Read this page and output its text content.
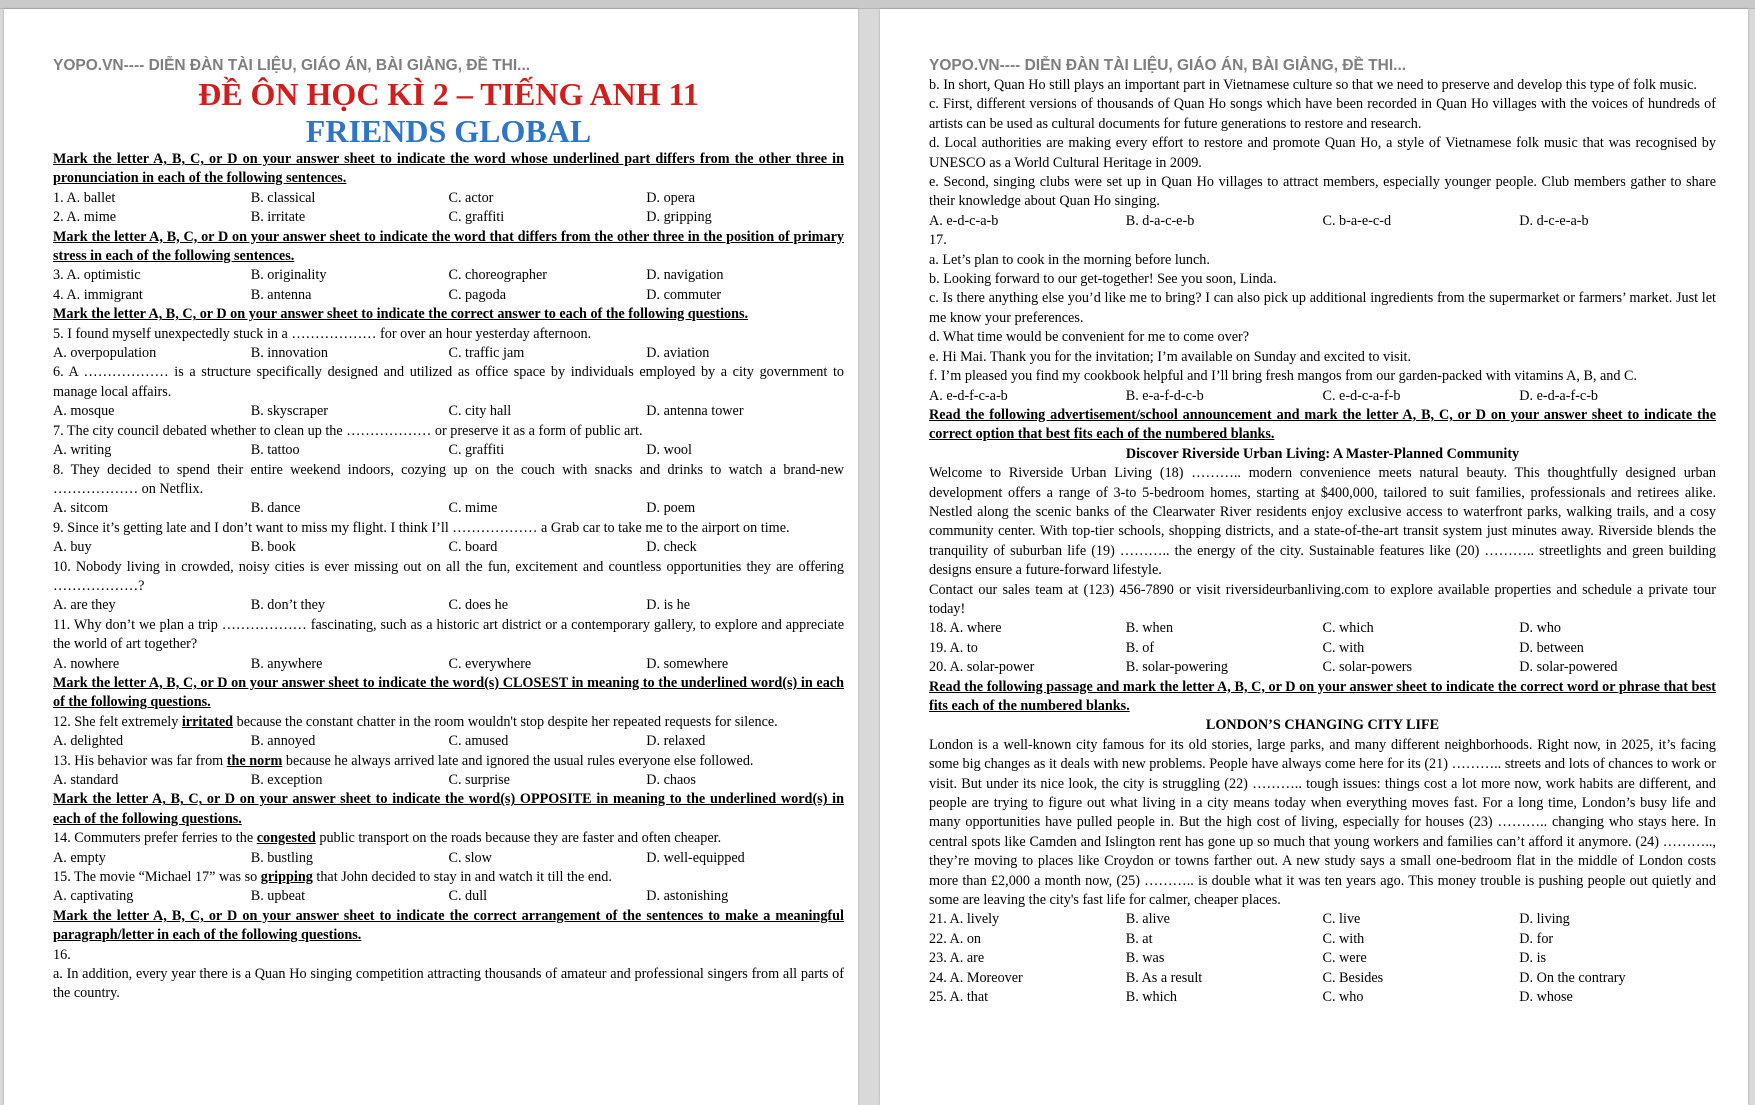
YOPO.VN---- DIỄN ĐÀN TÀI LIỆU, GIÁO ÁN, BÀI GIẢNG, ĐỀ THI...
ĐỀ ÔN HỌC KÌ 2 – TIẾNG ANH 11
FRIENDS GLOBAL
Mark the letter A, B, C, or D on your answer sheet to indicate the word whose underlined part differs from the other three in pronunciation in each of the following sentences.
1. A. ballet	B. classical	C. actor	D. opera
2. A. mime	B. irritate	C. graffiti	D. gripping
Mark the letter A, B, C, or D on your answer sheet to indicate the word that differs from the other three in the position of primary stress in each of the following sentences.
3. A. optimistic	B. originality	C. choreographer	D. navigation
4. A. immigrant	B. antenna	C. pagoda	D. commuter
Mark the letter A, B, C, or D on your answer sheet to indicate the correct answer to each of the following questions.
5. I found myself unexpectedly stuck in a ……………… for over an hour yesterday afternoon.
A. overpopulation	B. innovation	C. traffic jam	D. aviation
6. A ……………… is a structure specifically designed and utilized as office space by individuals employed by a city government to manage local affairs.
A. mosque	B. skyscraper	C. city hall	D. antenna tower
7. The city council debated whether to clean up the ……………… or preserve it as a form of public art.
A. writing	B. tattoo	C. graffiti	D. wool
8. They decided to spend their entire weekend indoors, cozying up on the couch with snacks and drinks to watch a brand-new ……………… on Netflix.
A. sitcom	B. dance	C. mime	D. poem
9. Since it’s getting late and I don’t want to miss my flight. I think I’ll ……………… a Grab car to take me to the airport on time.
A. buy	B. book	C. board	D. check
10. Nobody living in crowded, noisy cities is ever missing out on all the fun, excitement and countless opportunities they are offering ………………?
A. are they	B. don’t they	C. does he	D. is he
11. Why don’t we plan a trip ……………… fascinating, such as a historic art district or a contemporary gallery, to explore and appreciate the world of art together?
A. nowhere	B. anywhere	C. everywhere	D. somewhere
Mark the letter A, B, C, or D on your answer sheet to indicate the word(s) CLOSEST in meaning to the underlined word(s) in each of the following questions.
12. She felt extremely irritated because the constant chatter in the room wouldn't stop despite her repeated requests for silence.
A. delighted	B. annoyed	C. amused	D. relaxed
13. His behavior was far from the norm because he always arrived late and ignored the usual rules everyone else followed.
A. standard	B. exception	C. surprise	D. chaos
Mark the letter A, B, C, or D on your answer sheet to indicate the word(s) OPPOSITE in meaning to the underlined word(s) in each of the following questions.
14. Commuters prefer ferries to the congested public transport on the roads because they are faster and often cheaper.
A. empty	B. bustling	C. slow	D. well-equipped
15. The movie “Michael 17” was so gripping that John decided to stay in and watch it till the end.
A. captivating	B. upbeat	C. dull	D. astonishing
Mark the letter A, B, C, or D on your answer sheet to indicate the correct arrangement of the sentences to make a meaningful paragraph/letter in each of the following questions.
16.
a. In addition, every year there is a Quan Ho singing competition attracting thousands of amateur and professional singers from all parts of the country.
YOPO.VN---- DIỄN ĐÀN TÀI LIỆU, GIÁO ÁN, BÀI GIẢNG, ĐỀ THI...
b. In short, Quan Ho still plays an important part in Vietnamese culture so that we need to preserve and develop this type of folk music.
c. First, different versions of thousands of Quan Ho songs which have been recorded in Quan Ho villages with the voices of hundreds of artists can be used as cultural documents for future generations to restore and research.
d. Local authorities are making every effort to restore and promote Quan Ho, a style of Vietnamese folk music that was recognised by UNESCO as a World Cultural Heritage in 2009.
e. Second, singing clubs were set up in Quan Ho villages to attract members, especially younger people. Club members gather to share their knowledge about Quan Ho singing.
A. e-d-c-a-b	B. d-a-c-e-b	C. b-a-e-c-d	D. d-c-e-a-b
17.
a. Let’s plan to cook in the morning before lunch.
b. Looking forward to our get-together! See you soon, Linda.
c. Is there anything else you’d like me to bring? I can also pick up additional ingredients from the supermarket or farmers’ market. Just let me know your preferences.
d. What time would be convenient for me to come over?
e. Hi Mai. Thank you for the invitation; I’m available on Sunday and excited to visit.
f. I’m pleased you find my cookbook helpful and I’ll bring fresh mangos from our garden-packed with vitamins A, B, and C.
A. e-d-f-c-a-b	B. e-a-f-d-c-b	C. e-d-c-a-f-b	D. e-d-a-f-c-b
Read the following advertisement/school announcement and mark the letter A, B, C, or D on your answer sheet to indicate the correct option that best fits each of the numbered blanks.
Discover Riverside Urban Living: A Master-Planned Community
Welcome to Riverside Urban Living (18) ……….. modern convenience meets natural beauty. This thoughtfully designed urban development offers a range of 3-to 5-bedroom homes, starting at $400,000, tailored to suit families, professionals and retirees alike. Nestled along the scenic banks of the Clearwater River residents enjoy exclusive access to waterfront parks, walking trails, and a cosy community center. With top-tier schools, shopping districts, and a state-of-the-art transit system just minutes away. Riverside blends the tranquility of suburban life (19) ……….. the energy of the city. Sustainable features like (20) ……….. streetlights and green building designs ensure a future-forward lifestyle.
Contact our sales team at (123) 456-7890 or visit riversideurbanliving.com to explore available properties and schedule a private tour today!
18. A. where	B. when	C. which	D. who
19. A. to	B. of	C. with	D. between
20. A. solar-power	B. solar-powering	C. solar-powers	D. solar-powered
Read the following passage and mark the letter A, B, C, or D on your answer sheet to indicate the correct word or phrase that best fits each of the numbered blanks.
LONDON’S CHANGING CITY LIFE
London is a well-known city famous for its old stories, large parks, and many different neighborhoods. Right now, in 2025, it’s facing some big changes as it deals with new problems. People have always come here for its (21) ……….. streets and lots of chances to work or visit. But under its nice look, the city is struggling (22) ……….. tough issues: things cost a lot more now, work habits are different, and people are trying to figure out what living in a city means today when everything moves fast. For a long time, London’s busy life and many opportunities have pulled people in. But the high cost of living, especially for houses (23) ……….. changing who stays here. In central spots like Camden and Islington rent has gone up so much that young workers and families can’t afford it anymore. (24) ……….., they’re moving to places like Croydon or towns farther out. A new study says a small one-bedroom flat in the middle of London costs more than £2,000 a month now, (25) ……….. is double what it was ten years ago. This money trouble is pushing people out quietly and some are leaving the city's fast life for calmer, cheaper places.
21. A. lively	B. alive	C. live	D. living
22. A. on	B. at	C. with	D. for
23. A. are	B. was	C. were	D. is
24. A. Moreover	B. As a result	C. Besides	D. On the contrary
25. A. that	B. which	C. who	D. whose
